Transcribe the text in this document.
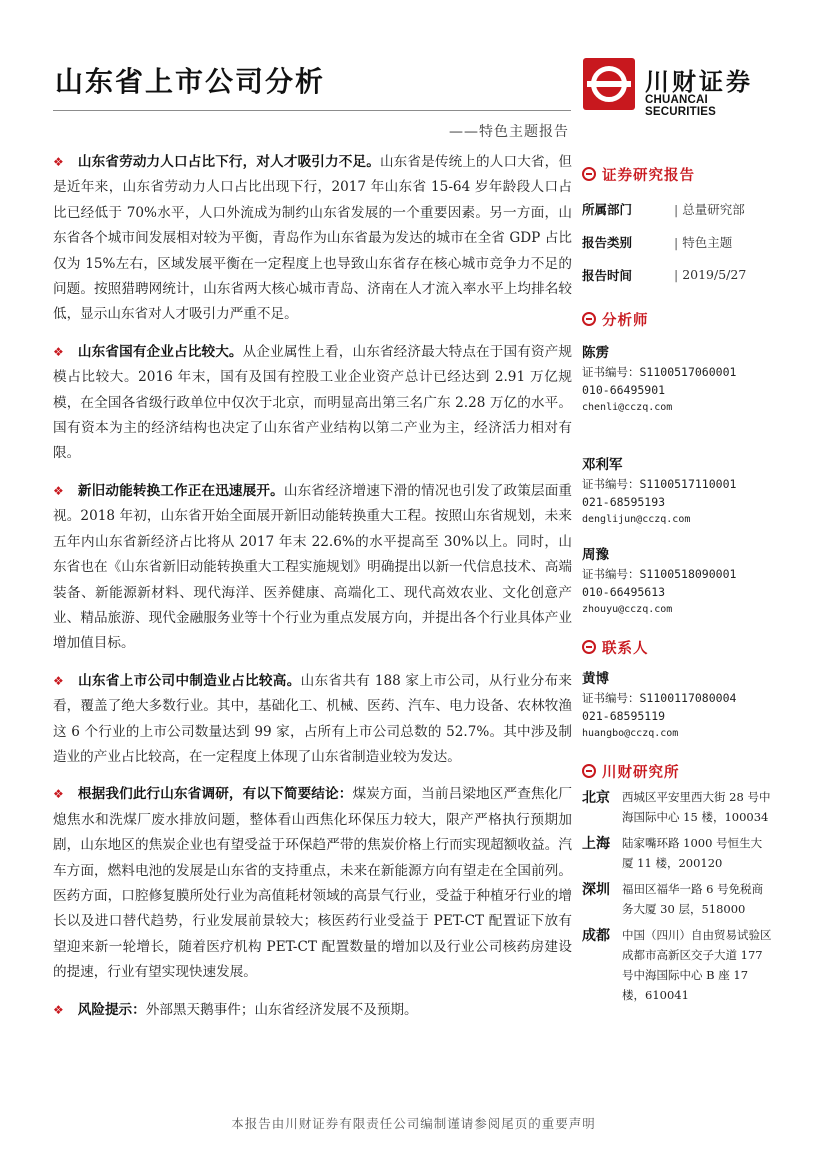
山东省上市公司分析
——特色主题报告
川财证券
CHUANCAI SECURITIES
❖ 山东省劳动力人口占比下行，对人才吸引力不足。山东省是传统上的人口大省，但是近年来，山东省劳动力人口占比出现下行，2017 年山东省 15-64 岁年龄段人口占比已经低于 70%水平，人口外流成为制约山东省发展的一个重要因素。另一方面，山东省各个城市间发展相对较为平衡，青岛作为山东省最为发达的城市在全省 GDP 占比仅为 15%左右，区域发展平衡在一定程度上也导致山东省存在核心城市竞争力不足的问题。按照猎聘网统计，山东省两大核心城市青岛、济南在人才流入率水平上均排名较低，显示山东省对人才吸引力严重不足。
❖ 山东省国有企业占比较大。从企业属性上看，山东省经济最大特点在于国有资产规模占比较大。2016 年末，国有及国有控股工业企业资产总计已经达到 2.91 万亿规模，在全国各省级行政单位中仅次于北京，而明显高出第三名广东 2.28 万亿的水平。国有资本为主的经济结构也决定了山东省产业结构以第二产业为主，经济活力相对有限。
❖ 新旧动能转换工作正在迅速展开。山东省经济增速下滑的情况也引发了政策层面重视。2018 年初，山东省开始全面展开新旧动能转换重大工程。按照山东省规划，未来五年内山东省新经济占比将从 2017 年末 22.6%的水平提高至 30%以上。同时，山东省也在《山东省新旧动能转换重大工程实施规划》明确提出以新一代信息技术、高端装备、新能源新材料、现代海洋、医养健康、高端化工、现代高效农业、文化创意产业、精品旅游、现代金融服务业等十个行业为重点发展方向，并提出各个行业具体产业增加值目标。
❖ 山东省上市公司中制造业占比较高。山东省共有 188 家上市公司，从行业分布来看，覆盖了绝大多数行业。其中，基础化工、机械、医药、汽车、电力设备、农林牧渔这 6 个行业的上市公司数量达到 99 家，占所有上市公司总数的 52.7%。其中涉及制造业的产业占比较高，在一定程度上体现了山东省制造业较为发达。
❖ 根据我们此行山东省调研，有以下简要结论：煤炭方面，当前吕梁地区严查焦化厂熄焦水和洗煤厂废水排放问题，整体看山西焦化环保压力较大，限产严格执行预期加剧，山东地区的焦炭企业也有望受益于环保趋严带的焦炭价格上行而实现超额收益。汽车方面，燃料电池的发展是山东省的支持重点，未来在新能源方向有望走在全国前列。医药方面，口腔修复膜所处行业为高值耗材领域的高景气行业，受益于种植牙行业的增长以及进口替代趋势，行业发展前景较大；核医药行业受益于 PET-CT 配置证下放有望迎来新一轮增长，随着医疗机构 PET-CT 配置数量的增加以及行业公司核药房建设的提速，行业有望实现快速发展。
❖ 风险提示：外部黑天鹅事件；山东省经济发展不及预期。
证券研究报告
所属部门	| 总量研究部
报告类别	| 特色主题
报告时间	| 2019/5/27
分析师
陈雳
证书编号：S1100517060001
010-66495901
chenli@cczq.com
邓利军
证书编号：S1100517110001
021-68595193
denglijun@cczq.com
周豫
证书编号：S1100518090001
010-66495613
zhouyu@cczq.com
联系人
黄博
证书编号：S1100117080004
021-68595119
huangbo@cczq.com
川财研究所
北京	西城区平安里西大街 28 号中海国际中心 15 楼，100034
上海	陆家嘴环路 1000 号恒生大厦 11 楼，200120
深圳	福田区福华一路 6 号免税商务大厦 30 层，518000
成都	中国（四川）自由贸易试验区成都市高新区交子大道 177 号中海国际中心 B 座 17 楼，610041
本报告由川财证券有限责任公司编制谨请参阅尾页的重要声明
